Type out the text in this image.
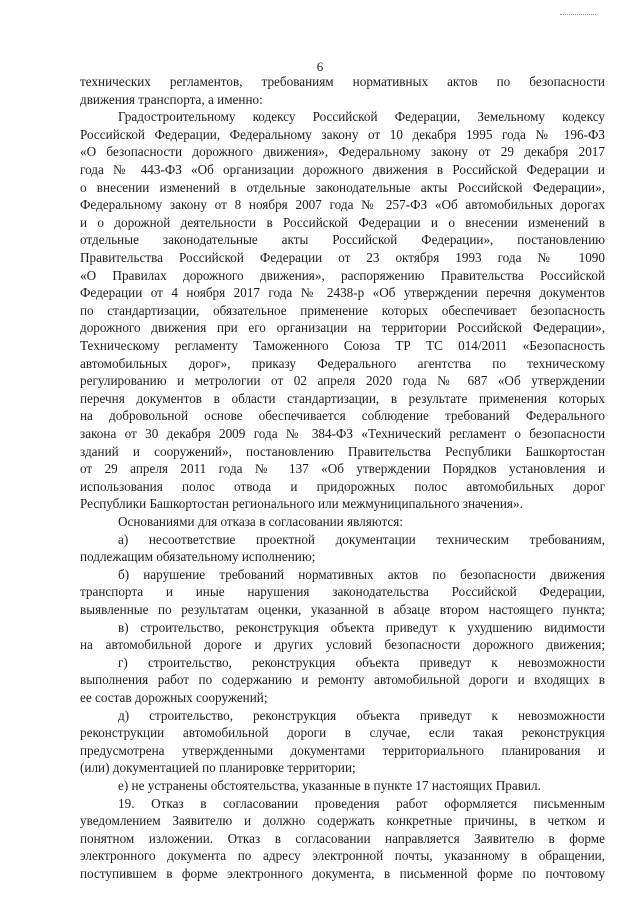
6
технических регламентов, требованиям нормативных актов по безопасности
движения транспорта, а именно:
Градостроительному кодексу Российской Федерации, Земельному кодексу
Российской Федерации, Федеральному закону от 10 декабря 1995 года № 196-ФЗ
«О безопасности дорожного движения», Федеральному закону от 29 декабря 2017
года № 443-ФЗ «Об организации дорожного движения в Российской Федерации и
о внесении изменений в отдельные законодательные акты Российской Федерации»,
Федеральному закону от 8 ноября 2007 года № 257-ФЗ «Об автомобильных дорогах
и о дорожной деятельности в Российской Федерации и о внесении изменений в
отдельные законодательные акты Российской Федерации», постановлению
Правительства Российской Федерации от 23 октября 1993 года № 1090
«О Правилах дорожного движения», распоряжению Правительства Российской
Федерации от 4 ноября 2017 года № 2438-р «Об утверждении перечня документов
по стандартизации, обязательное применение которых обеспечивает безопасность
дорожного движения при его организации на территории Российской Федерации»,
Техническому регламенту Таможенного Союза ТР ТС 014/2011 «Безопасность
автомобильных дорог», приказу Федерального агентства по техническому
регулированию и метрологии от 02 апреля 2020 года № 687 «Об утверждении
перечня документов в области стандартизации, в результате применения которых
на добровольной основе обеспечивается соблюдение требований Федерального
закона от 30 декабря 2009 года № 384-ФЗ «Технический регламент о безопасности
зданий и сооружений», постановлению Правительства Республики Башкортостан
от 29 апреля 2011 года № 137 «Об утверждении Порядков установления и
использования полос отвода и придорожных полос автомобильных дорог
Республики Башкортостан регионального или межмуниципального значения».
Основаниями для отказа в согласовании являются:
а) несоответствие проектной документации техническим требованиям,
подлежащим обязательному исполнению;
б) нарушение требований нормативных актов по безопасности движения
транспорта и иные нарушения законодательства Российской Федерации,
выявленные по результатам оценки, указанной в абзаце втором настоящего пункта;
в) строительство, реконструкция объекта приведут к ухудшению видимости
на автомобильной дороге и других условий безопасности дорожного движения;
г) строительство, реконструкция объекта приведут к невозможности
выполнения работ по содержанию и ремонту автомобильной дороги и входящих в
ее состав дорожных сооружений;
д) строительство, реконструкция объекта приведут к невозможности
реконструкции автомобильной дороги в случае, если такая реконструкция
предусмотрена утвержденными документами территориального планирования и
(или) документацией по планировке территории;
е) не устранены обстоятельства, указанные в пункте 17 настоящих Правил.
19. Отказ в согласовании проведения работ оформляется письменным
уведомлением Заявителю и должно содержать конкретные причины, в четком и
понятном изложении. Отказ в согласовании направляется Заявителю в форме
электронного документа по адресу электронной почты, указанному в обращении,
поступившем в форме электронного документа, в письменной форме по почтовому
